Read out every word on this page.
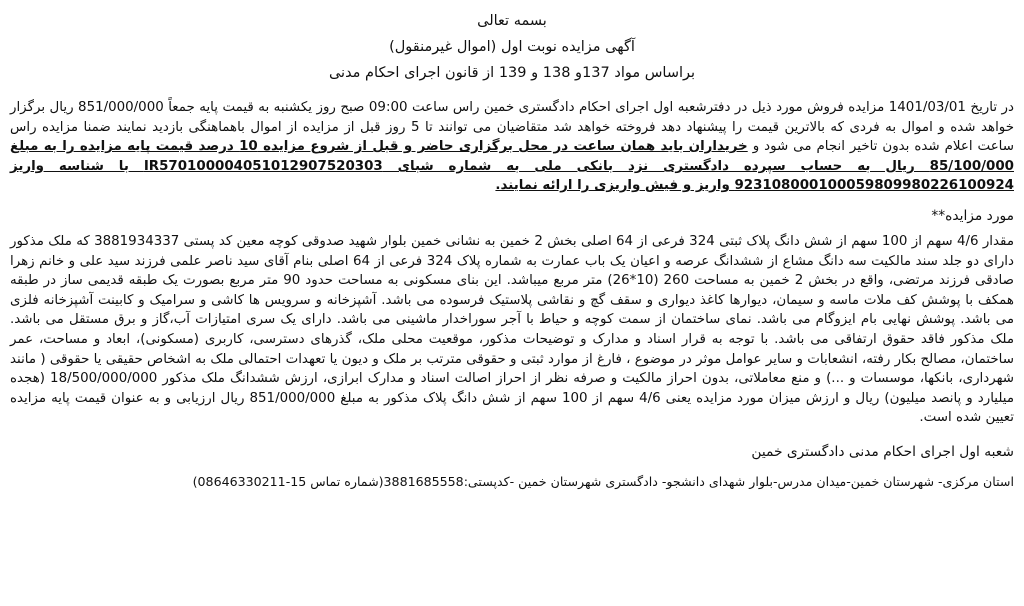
بسمه تعالی
آگهی مزایده نوبت اول (اموال غیرمنقول)
براساس مواد 137و 138 و 139 از قانون اجرای احکام مدنی

در تاریخ 1401/03/01 مزایده فروش مورد ذیل در دفترشعبه اول اجرای احکام دادگستری خمین راس ساعت 09:00 صبح روز یکشنبه به قیمت پایه جمعاً 851/000/000 ریال برگزار خواهد شده و اموال به فردی که بالاترین قیمت را پیشنهاد دهد فروخته خواهد شد متقاضیان می توانند تا 5 روز قبل از مزایده از اموال باهماهنگی بازدید نمایند ضمنا مزایده راس ساعت اعلام شده بدون تاخیر انجام می شود و خریداران باید همان ساعت در محل برگزاری حاضر و قبل از شروع مزایده 10 درصد قیمت پایه مزایده را به مبلغ 85/100/000 ریال به حساب سپرده دادگستری نزد بانکی ملی به شماره شبای IR570100004051012907520303 با شناسه واریز 923108000100059809980226100924 واریز و فیش واریزی را ارائه نمایند.

مورد مزایده**

مقدار 4/6 سهم از 100 سهم از شش دانگ پلاک ثبتی 324 فرعی از 64 اصلی بخش 2 خمین به نشانی خمین بلوار شهید صدوقی کوچه معین کد پستی 3881934337 که ملک مذکور دارای دو جلد سند مالکیت سه دانگ مشاع از ششدانگ عرصه و اعیان یک باب عمارت به شماره پلاک 324 فرعی از 64 اصلی بنام آقای سید ناصر علمی فرزند سید علی و خانم زهرا صادقی فرزند مرتضی، واقع در بخش 2 خمین به مساحت 260 (10*26) متر مربع میباشد. این بنای مسکونی به مساحت حدود 90 متر مربع بصورت یک طبقه قدیمی ساز در طبقه همکف با پوشش کف ملات ماسه و سیمان، دیوارها کاغذ دیواری و سقف گچ و نقاشی پلاستیک فرسوده می باشد. آشپزخانه و سرویس ها کاشی و سرامیک و کابینت آشپزخانه فلزی می باشد. پوشش نهایی بام ایزوگام می باشد. نمای ساختمان از سمت کوچه و حیاط با آجر سوراخدار ماشینی می باشد. دارای یک سری امتیازات آب،گاز و برق مستقل می باشد. ملک مذکور فاقد حقوق ارتفاقی می باشد. با توجه به قرار اسناد و مدارک و توضیحات مذکور، موقعیت محلی ملک، گذرهای دسترسی، کاربری (مسکونی)، ابعاد و مساحت، عمر ساختمان، مصالح بکار رفته، انشعابات و سایر عوامل موثر در موضوع ، فارغ از موارد ثبتی و حقوقی مترتب بر ملک و دیون یا تعهدات احتمالی ملک به اشخاص حقیقی یا حقوقی ( مانند شهرداری، بانکها، موسسات و ...) و منع معاملاتی، بدون احراز مالکیت و صرفه نظر از احراز اصالت اسناد و مدارک ابرازی، ارزش ششدانگ ملک مذکور 18/500/000/000 (هجده میلیارد و پانصد میلیون) ریال و ارزش میزان مورد مزایده یعنی 4/6 سهم از 100 سهم از شش دانگ پلاک مذکور به مبلغ 851/000/000 ریال ارزیابی و به عنوان قیمت پایه مزایده تعیین شده است.

شعبه اول اجرای احکام مدنی دادگستری خمین
استان مرکزی- شهرستان خمین-میدان مدرس-بلوار شهدای دانشجو- دادگستری شهرستان خمین -کدپستی:3881685558(شماره تماس 15-08646330211)
